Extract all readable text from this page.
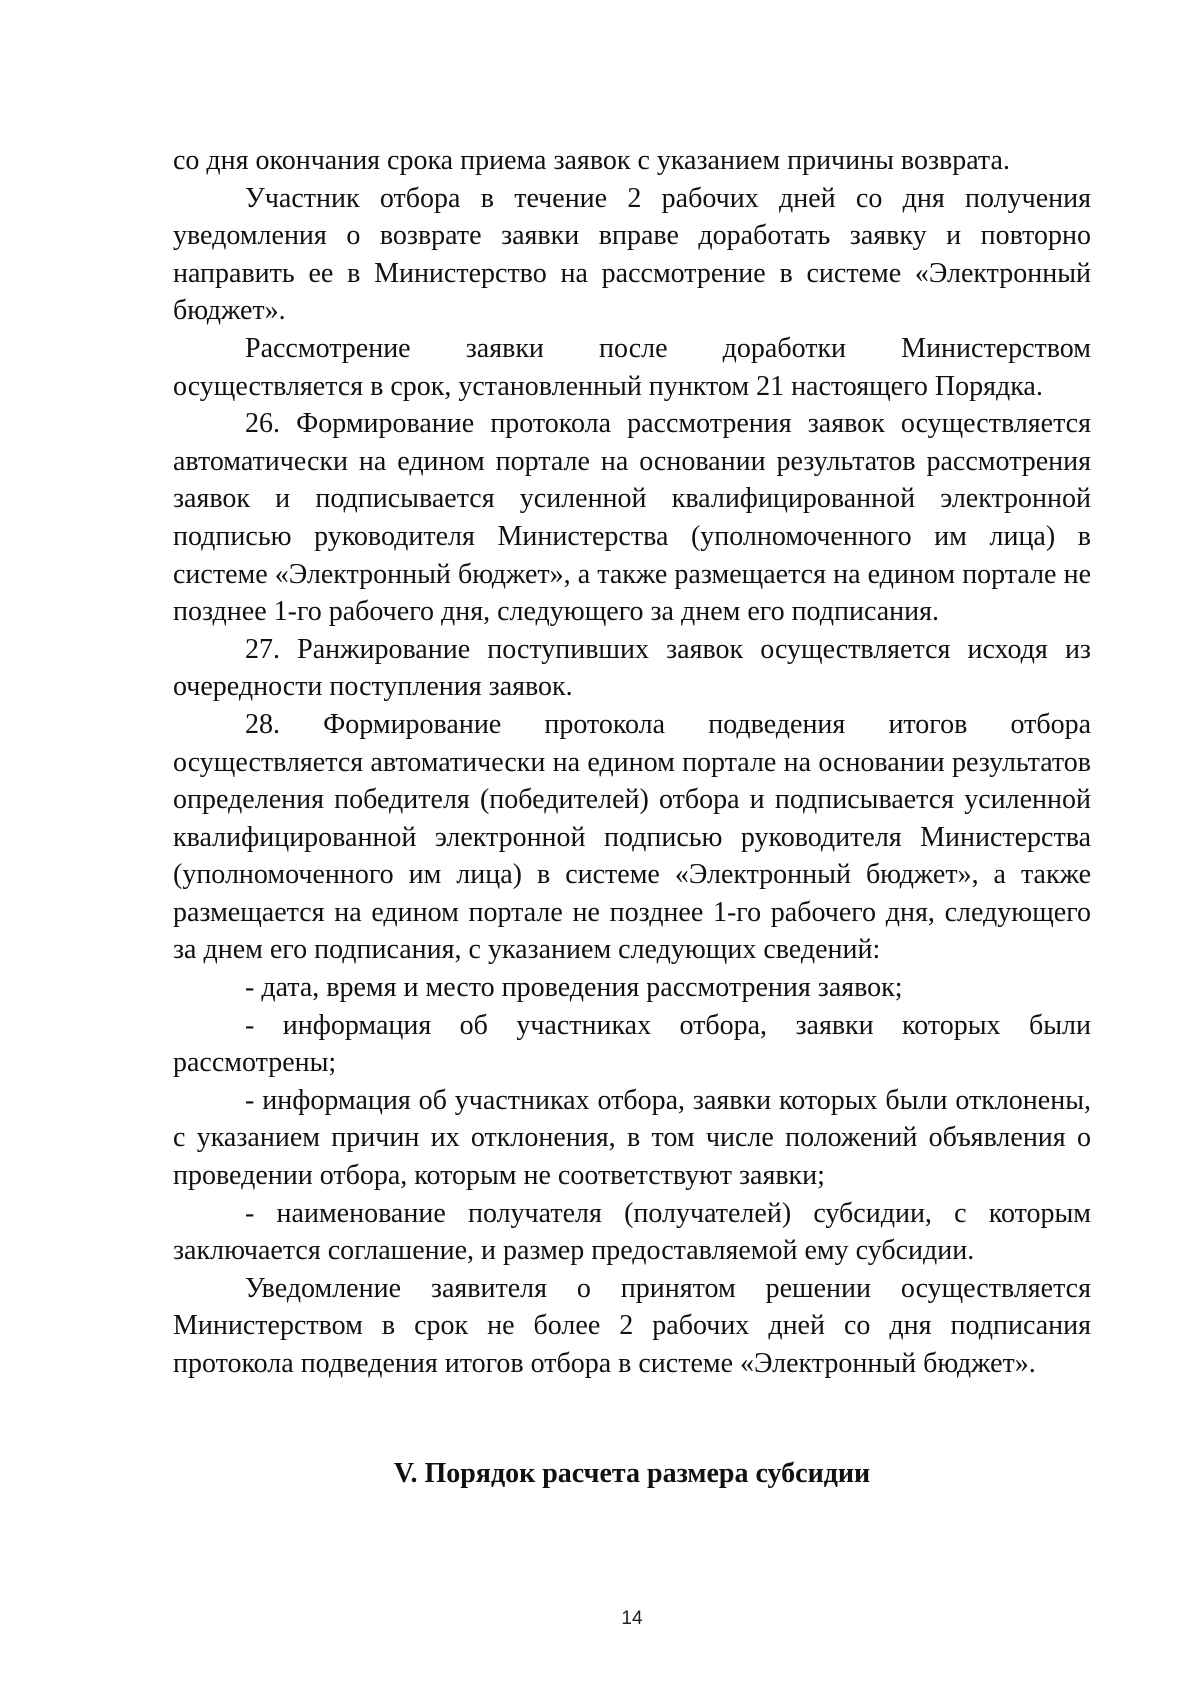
со дня окончания срока приема заявок с указанием причины возврата.

Участник отбора в течение 2 рабочих дней со дня получения уведомления о возврате заявки вправе доработать заявку и повторно направить ее в Министерство на рассмотрение в системе «Электронный бюджет».

Рассмотрение заявки после доработки Министерством осуществляется в срок, установленный пунктом 21 настоящего Порядка.

26. Формирование протокола рассмотрения заявок осуществляется автоматически на едином портале на основании результатов рассмотрения заявок и подписывается усиленной квалифицированной электронной подписью руководителя Министерства (уполномоченного им лица) в системе «Электронный бюджет», а также размещается на едином портале не позднее 1-го рабочего дня, следующего за днем его подписания.

27. Ранжирование поступивших заявок осуществляется исходя из очередности поступления заявок.

28. Формирование протокола подведения итогов отбора осуществляется автоматически на едином портале на основании результатов определения победителя (победителей) отбора и подписывается усиленной квалифицированной электронной подписью руководителя Министерства (уполномоченного им лица) в системе «Электронный бюджет», а также размещается на едином портале не позднее 1-го рабочего дня, следующего за днем его подписания, с указанием следующих сведений:

- дата, время и место проведения рассмотрения заявок;

- информация об участниках отбора, заявки которых были рассмотрены;

- информация об участниках отбора, заявки которых были отклонены, с указанием причин их отклонения, в том числе положений объявления о проведении отбора, которым не соответствуют заявки;

- наименование получателя (получателей) субсидии, с которым заключается соглашение, и размер предоставляемой ему субсидии.

Уведомление заявителя о принятом решении осуществляется Министерством в срок не более 2 рабочих дней со дня подписания протокола подведения итогов отбора в системе «Электронный бюджет».

V. Порядок расчета размера субсидии
14
